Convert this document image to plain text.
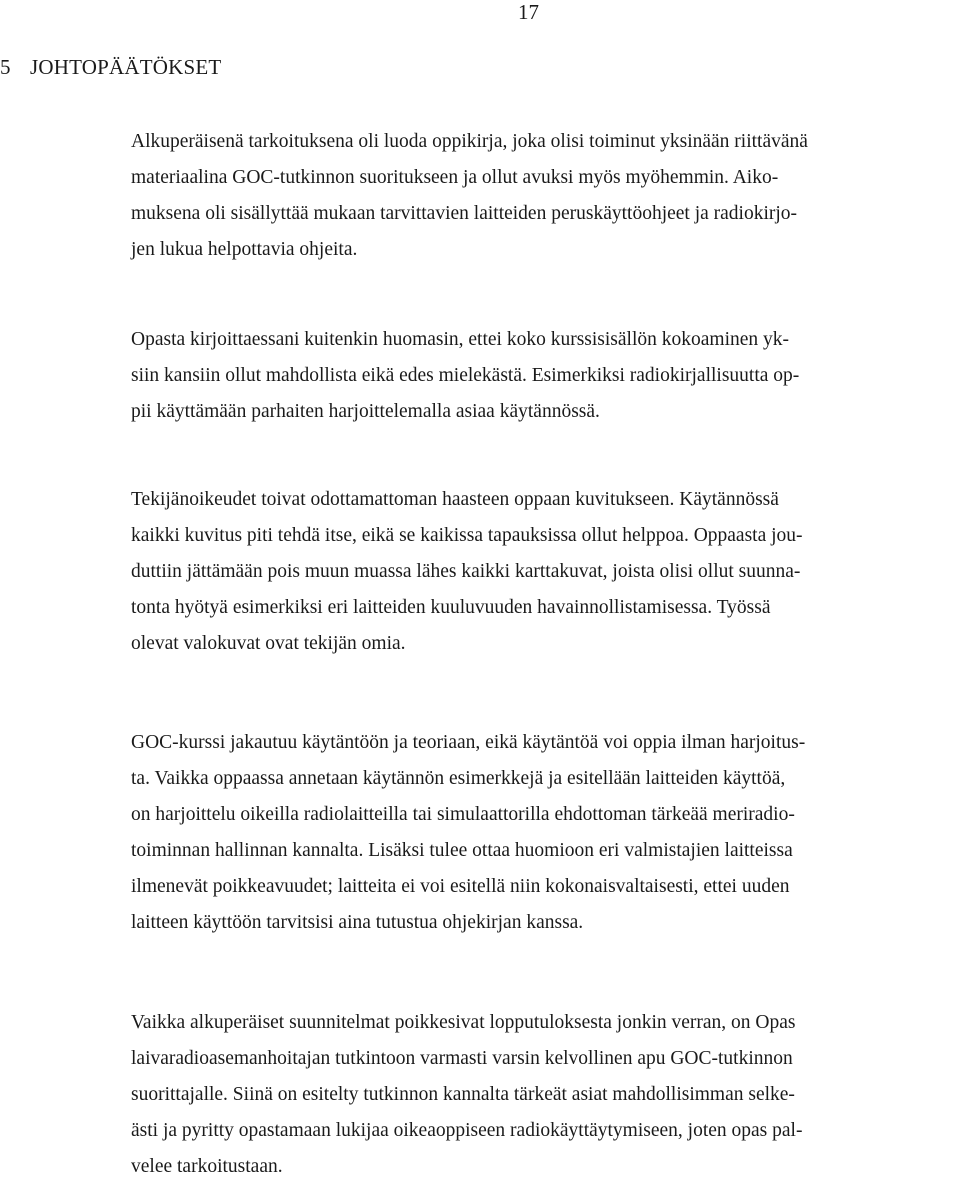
17
5 JOHTOPÄÄTÖKSET
Alkuperäisenä tarkoituksena oli luoda oppikirja, joka olisi toiminut yksinään riittävänä
materiaalina GOC-tutkinnon suoritukseen ja ollut avuksi myös myöhemmin. Aiko-
muksena oli sisällyttää mukaan tarvittavien laitteiden peruskäyttöohjeet ja radiokirjo-
jen lukua helpottavia ohjeita.
Opasta kirjoittaessani kuitenkin huomasin, ettei koko kurssisisällön kokoaminen yk-
siin kansiin ollut mahdollista eikä edes mielekästä. Esimerkiksi radiokirjallisuutta op-
pii käyttämään parhaiten harjoittelemalla asiaa käytännössä.
Tekijänoikeudet toivat odottamattoman haasteen oppaan kuvitukseen. Käytännössä
kaikki kuvitus piti tehdä itse, eikä se kaikissa tapauksissa ollut helppoa. Oppaasta jou-
duttiin jättämään pois muun muassa lähes kaikki karttakuvat, joista olisi ollut suunna-
tonta hyötyä esimerkiksi eri laitteiden kuuluvuuden havainnollistamisessa. Työssä
olevat valokuvat ovat tekijän omia.
GOC-kurssi jakautuu käytäntöön ja teoriaan, eikä käytäntöä voi oppia ilman harjoitus-
ta. Vaikka oppaassa annetaan käytännön esimerkkejä ja esitellään laitteiden käyttöä,
on harjoittelu oikeilla radiolaitteilla tai simulaattorilla ehdottoman tärkeää meriradio-
toiminnan hallinnan kannalta. Lisäksi tulee ottaa huomioon eri valmistajien laitteissa
ilmenevät poikkeavuudet; laitteita ei voi esitellä niin kokonaisvaltaisesti, ettei uuden
laitteen käyttöön tarvitsisi aina tutustua ohjekirjan kanssa.
Vaikka alkuperäiset suunnitelmat poikkesivat lopputuloksesta jonkin verran, on Opas
laivaradioasemanhoitajan tutkintoon varmasti varsin kelvollinen apu GOC-tutkinnon
suorittajalle. Siinä on esitelty tutkinnon kannalta tärkeät asiat mahdollisimman selke-
ästi ja pyritty opastamaan lukijaa oikeaoppiseen radiokäyttäytymiseen, joten opas pal-
velee tarkoitustaan.
